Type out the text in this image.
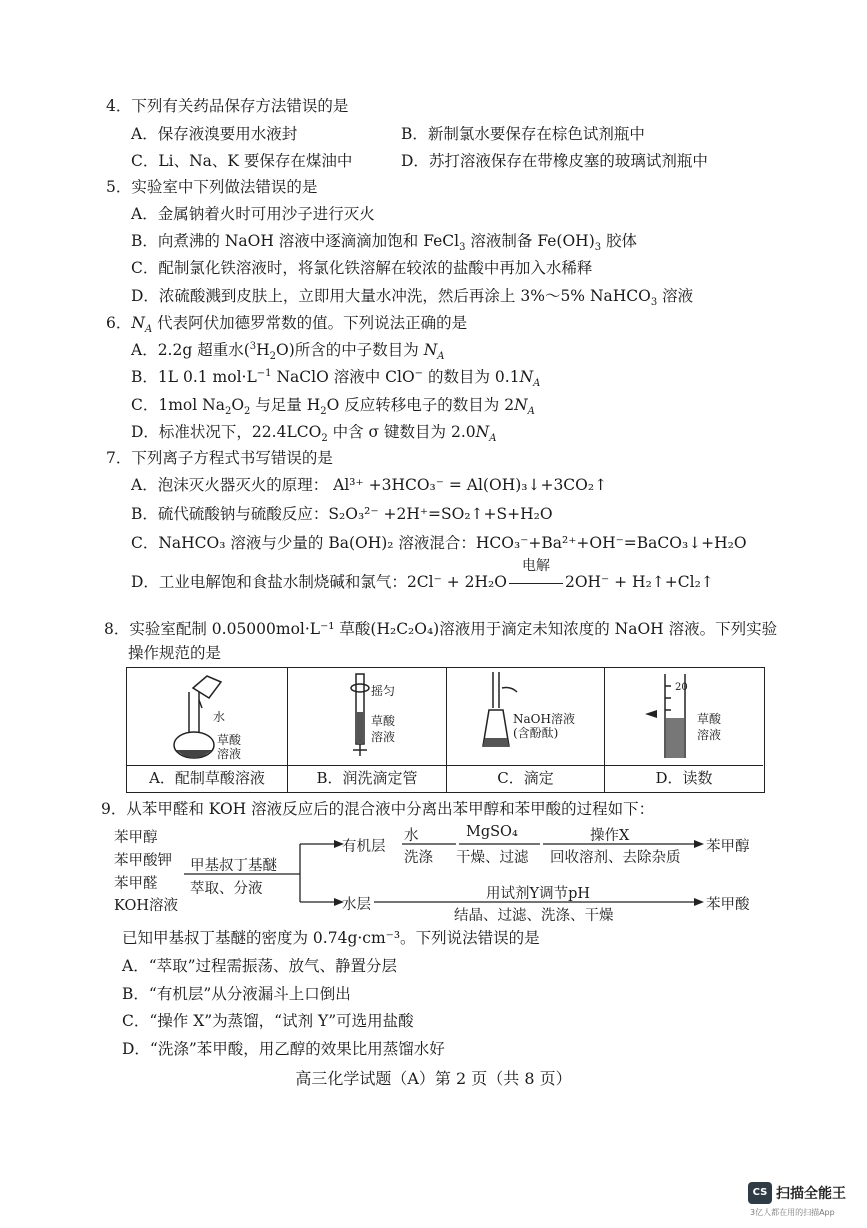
4．下列有关药品保存方法错误的是
A．保存液溴要用水液封	B．新制氯水要保存在棕色试剂瓶中
C．Li、Na、K 要保存在煤油中	D．苏打溶液保存在带橡皮塞的玻璃试剂瓶中
5．实验室中下列做法错误的是
A．金属钠着火时可用沙子进行灭火
B．向煮沸的 NaOH 溶液中逐滴滴加饱和 FeCl$_3$ 溶液制备 $Fe(OH)_3$ 胶体
C．配制氯化铁溶液时，将氯化铁溶解在较浓的盐酸中再加入水稀释
D．浓硫酸溅到皮肤上，立即用大量水冲洗，然后再涂上 3%～5% NaHCO$_3$ 溶液
6．$N_A$ 代表阿伏加德罗常数的值。下列说法正确的是
A．2.2g 超重水$(^3H_2O)$所含的中子数目为 $N_A$
B．1L 0.1 $mol\cdot L^{-1}$ NaClO 溶液中 ClO− 的数目为 $0.1N_A$
C．1mol $Na_2O_2$ 与足量 $H_2O$ 反应转移电子的数目为 $2N_A$
D．标准状况下，$22.4LCO_2$ 中含 σ 键数目为 $2.0N_A$
7．下列离子方程式书写错误的是
A．泡沫灭火器灭火的原理： Al³⁺ +3HCO₃⁻ = Al(OH)₃↓+3CO₂↑
B．硫代硫酸钠与硫酸反应：S₂O₃²⁻ +2H⁺=SO₂↑+S+H₂O
C．NaHCO₃ 溶液与少量的 Ba(OH)₂ 溶液混合：HCO₃⁻+Ba²⁺+OH⁻=BaCO₃↓+H₂O
D．工业电解饱和食盐水制烧碱和氯气：2Cl⁻ + 2H₂O
电解
2OH⁻ + H₂↑+Cl₂↑
8．实验室配制 0.05000mol·L⁻¹ 草酸(H₂C₂O₄)溶液用于滴定未知浓度的 NaOH 溶液。下列实验
操作规范的是
水
草酸
溶液
A．配制草酸溶液
摇匀
草酸
溶液
B．润洗滴定管
NaOH溶液
(含酚酞)
C．滴定
20
草酸
溶液
D．读数
9．从苯甲醛和 KOH 溶液反应后的混合液中分离出苯甲醇和苯甲酸的过程如下：
苯甲醇
苯甲酸钾
苯甲醛
KOH溶液
甲基叔丁基醚
萃取、分液
有机层
水
洗涤
MgSO₄
干燥、过滤
操作X
回收溶剂、去除杂质
苯甲醇
水层
用试剂Y调节pH
结晶、过滤、洗涤、干燥
苯甲酸
已知甲基叔丁基醚的密度为 0.74g·cm⁻³。下列说法错误的是
A．“萃取”过程需振荡、放气、静置分层
B．“有机层”从分液漏斗上口倒出
C．“操作 X”为蒸馏，“试剂 Y”可选用盐酸
D．“洗涤”苯甲酸，用乙醇的效果比用蒸馏水好
高三化学试题（A）第 2 页（共 8 页）
CS 扫描全能王
3亿人都在用的扫描App
